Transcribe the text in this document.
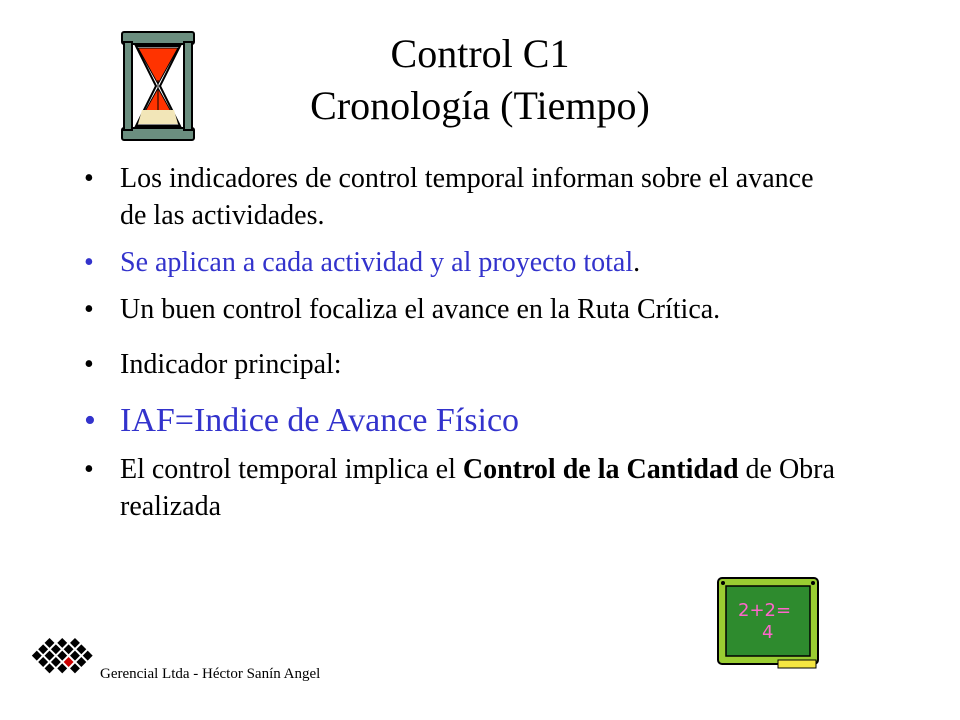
Control C1
Cronología (Tiempo)
• Los indicadores de control temporal informan sobre el avance de las actividades.
• Se aplican a cada actividad y al proyecto total.
• Un buen control focaliza el avance en la Ruta Crítica.
• Indicador principal:
• IAF=Indice de Avance Físico
• El control temporal implica el Control de la Cantidad de Obra realizada
2+2=
4
Gerencial Ltda - Héctor Sanín Angel
